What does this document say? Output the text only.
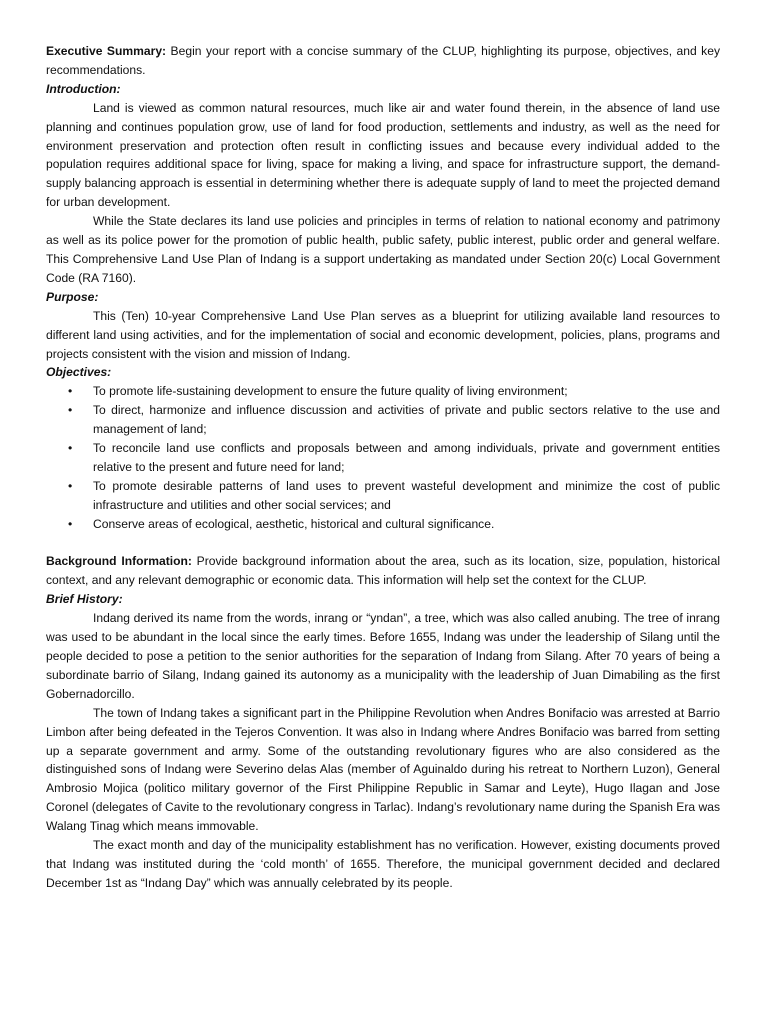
Executive Summary: Begin your report with a concise summary of the CLUP, highlighting its purpose, objectives, and key recommendations.

Introduction:

Land is viewed as common natural resources, much like air and water found therein, in the absence of land use planning and continues population grow, use of land for food production, settlements and industry, as well as the need for environment preservation and protection often result in conflicting issues and because every individual added to the population requires additional space for living, space for making a living, and space for infrastructure support, the demand-supply balancing approach is essential in determining whether there is adequate supply of land to meet the projected demand for urban development.

While the State declares its land use policies and principles in terms of relation to national economy and patrimony as well as its police power for the promotion of public health, public safety, public interest, public order and general welfare. This Comprehensive Land Use Plan of Indang is a support undertaking as mandated under Section 20(c) Local Government Code (RA 7160).

Purpose:

This (Ten) 10-year Comprehensive Land Use Plan serves as a blueprint for utilizing available land resources to different land using activities, and for the implementation of social and economic development, policies, plans, programs and projects consistent with the vision and mission of Indang.

Objectives:

• To promote life-sustaining development to ensure the future quality of living environment;
• To direct, harmonize and influence discussion and activities of private and public sectors relative to the use and management of land;
• To reconcile land use conflicts and proposals between and among individuals, private and government entities relative to the present and future need for land;
• To promote desirable patterns of land uses to prevent wasteful development and minimize the cost of public infrastructure and utilities and other social services; and
• Conserve areas of ecological, aesthetic, historical and cultural significance.

Background Information: Provide background information about the area, such as its location, size, population, historical context, and any relevant demographic or economic data. This information will help set the context for the CLUP.

Brief History:

Indang derived its name from the words, inrang or “yndan”, a tree, which was also called anubing. The tree of inrang was used to be abundant in the local since the early times. Before 1655, Indang was under the leadership of Silang until the people decided to pose a petition to the senior authorities for the separation of Indang from Silang. After 70 years of being a subordinate barrio of Silang, Indang gained its autonomy as a municipality with the leadership of Juan Dimabiling as the first Gobernadorcillo.

The town of Indang takes a significant part in the Philippine Revolution when Andres Bonifacio was arrested at Barrio Limbon after being defeated in the Tejeros Convention. It was also in Indang where Andres Bonifacio was barred from setting up a separate government and army. Some of the outstanding revolutionary figures who are also considered as the distinguished sons of Indang were Severino delas Alas (member of Aguinaldo during his retreat to Northern Luzon), General Ambrosio Mojica (politico military governor of the First Philippine Republic in Samar and Leyte), Hugo Ilagan and Jose Coronel (delegates of Cavite to the revolutionary congress in Tarlac). Indang’s revolutionary name during the Spanish Era was Walang Tinag which means immovable.

The exact month and day of the municipality establishment has no verification. However, existing documents proved that Indang was instituted during the ‘cold month’ of 1655. Therefore, the municipal government decided and declared December 1st as “Indang Day” which was annually celebrated by its people.
